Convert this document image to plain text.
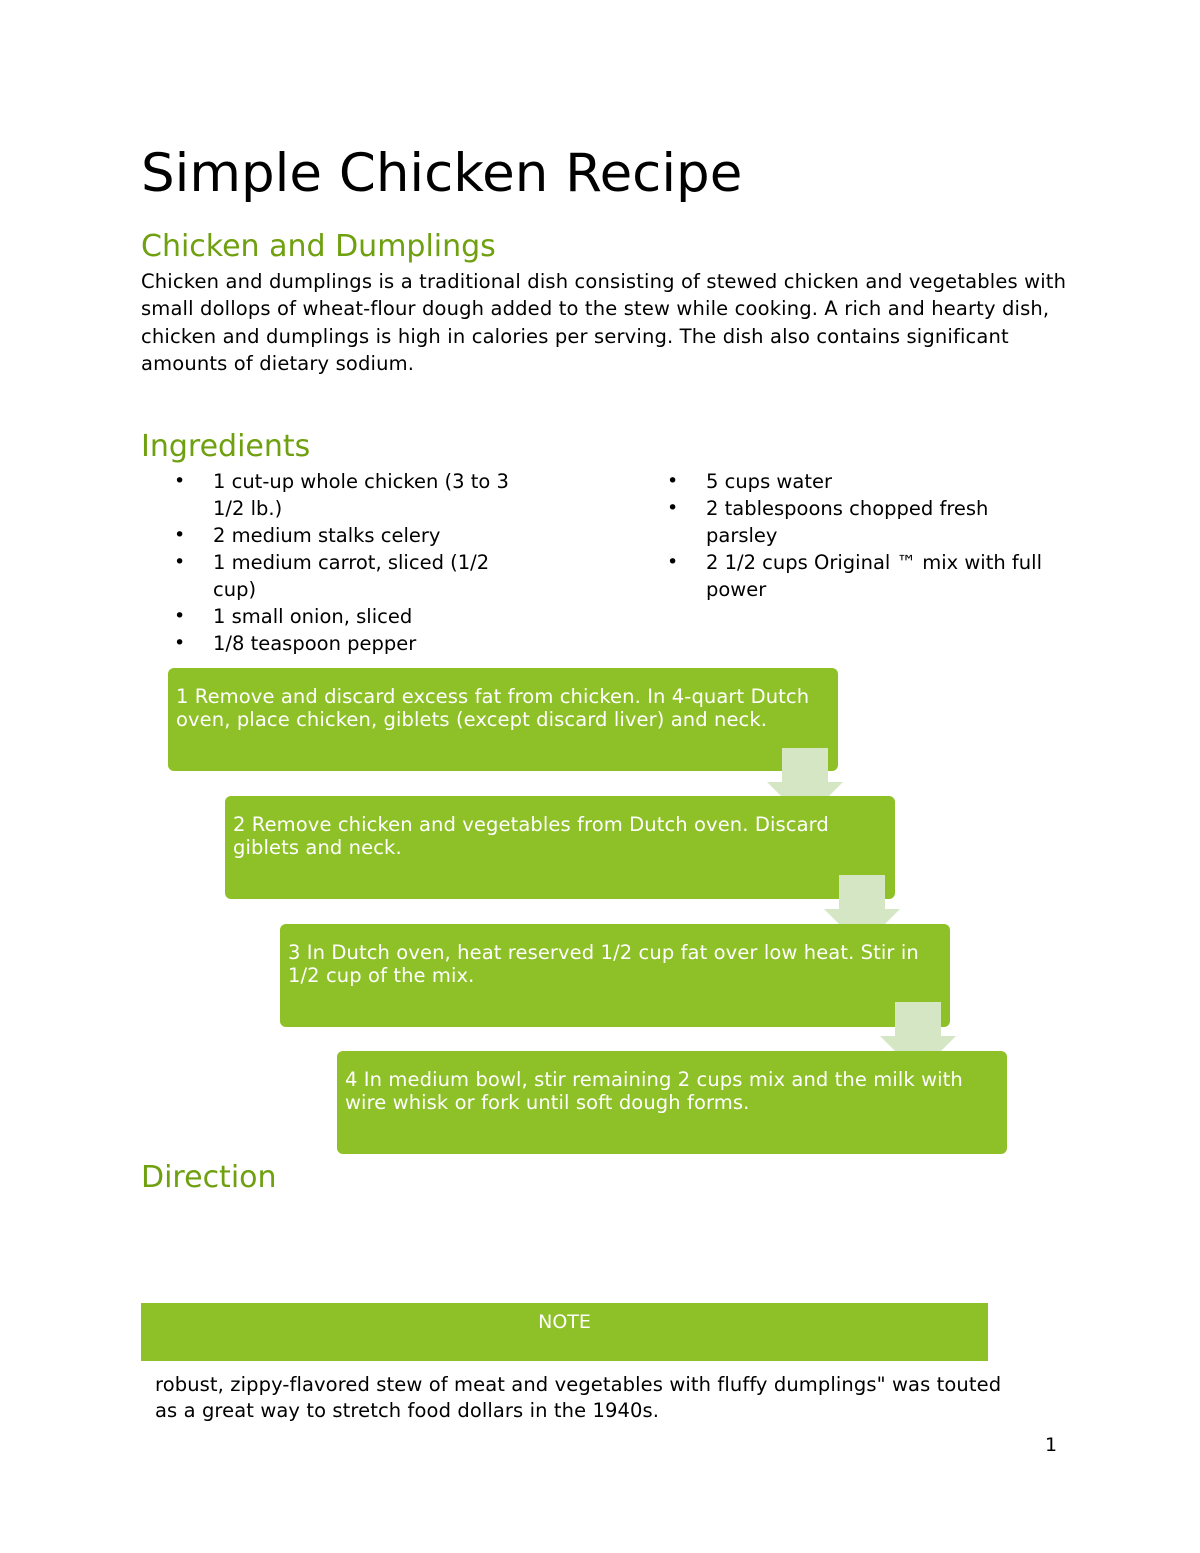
Simple Chicken Recipe
Chicken and Dumplings
Chicken and dumplings is a traditional dish consisting of stewed chicken and vegetables with small dollops of wheat-flour dough added to the stew while cooking. A rich and hearty dish, chicken and dumplings is high in calories per serving. The dish also contains significant amounts of dietary sodium.
Ingredients
• 1 cut-up whole chicken (3 to 3 1/2 lb.)
• 2 medium stalks celery
• 1 medium carrot, sliced (1/2 cup)
• 1 small onion, sliced
• 1/8 teaspoon pepper
• 5 cups water
• 2 tablespoons chopped fresh parsley
• 2 1/2 cups Original ™ mix with full power
1 Remove and discard excess fat from chicken. In 4-quart Dutch oven, place chicken, giblets (except discard liver) and neck.
2 Remove chicken and vegetables from Dutch oven. Discard giblets and neck.
3 In Dutch oven, heat reserved 1/2 cup fat over low heat. Stir in 1/2 cup of the mix.
4 In medium bowl, stir remaining 2 cups mix and the milk with wire whisk or fork until soft dough forms.
Direction
NOTE
robust, zippy-flavored stew of meat and vegetables with fluffy dumplings" was touted as a great way to stretch food dollars in the 1940s.
1
